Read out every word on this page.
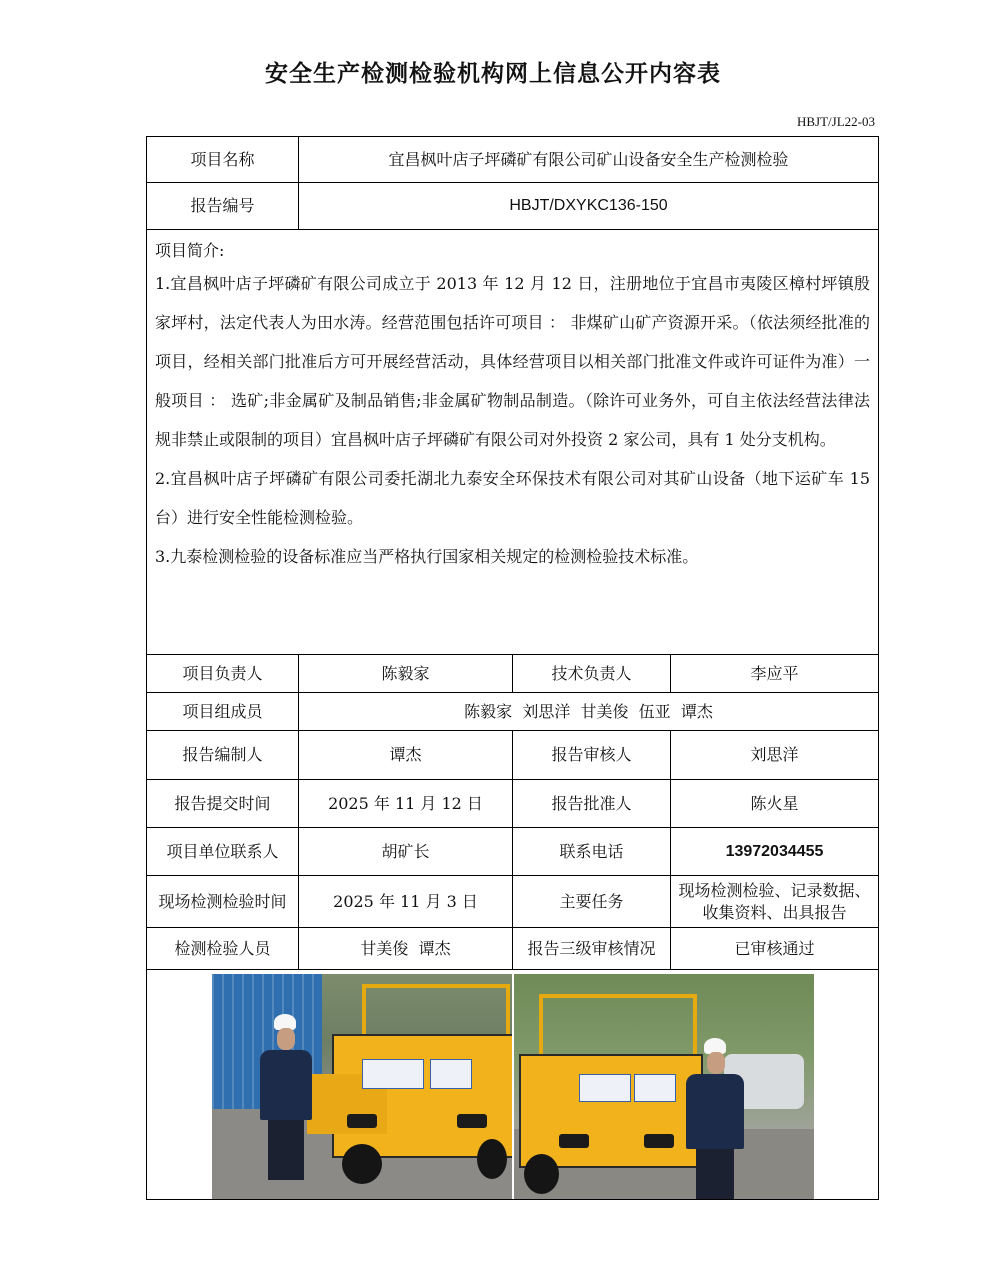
安全生产检测检验机构网上信息公开内容表
HBJT/JL22-03
项目名称	宜昌枫叶店子坪磷矿有限公司矿山设备安全生产检测检验		
报告编号	HBJT/DXYKC136-150		

项目简介:

1.宜昌枫叶店子坪磷矿有限公司成立于 2013 年 12 月 12 日，注册地位于宜昌市夷陵区樟村坪镇殷家坪村，法定代表人为田水涛。经营范围包括许可项目 ： 非煤矿山矿产资源开采。（依法须经批准的项目，经相关部门批准后方可开展经营活动，具体经营项目以相关部门批准文件或许可证件为准）一般项目 ： 选矿;非金属矿及制品销售;非金属矿物制品制造。（除许可业务外，可自主依法经营法律法规非禁止或限制的项目）宜昌枫叶店子坪磷矿有限公司对外投资 2 家公司，具有 1 处分支机构。

2.宜昌枫叶店子坪磷矿有限公司委托湖北九泰安全环保技术有限公司对其矿山设备（地下运矿车 15 台）进行安全性能检测检验。

3.九泰检测检验的设备标准应当严格执行国家相关规定的检测检验技术标准。			

项目负责人	陈毅家	技术负责人	李应平
项目组成员	陈毅家  刘思洋  甘美俊  伍亚  谭杰		
报告编制人	谭杰	报告审核人	刘思洋
报告提交时间	2025 年 11 月 12 日	报告批准人	陈火星
项目单位联系人	胡矿长	联系电话	13972034455
现场检测检验时间	2025 年 11 月 3 日	主要任务	现场检测检验、记录数据、收集资料、出具报告
检测检验人员	甘美俊  谭杰	报告三级审核情况	已审核通过
